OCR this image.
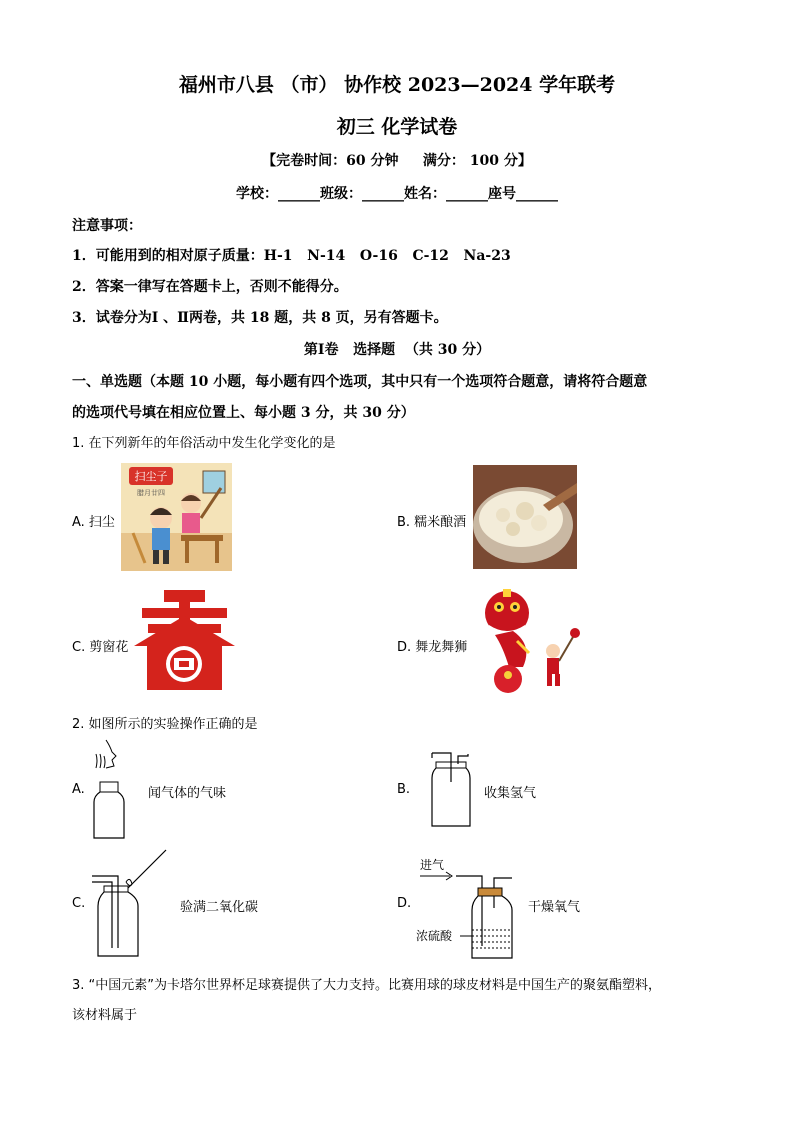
福州市八县 （市） 协作校 2023—2024 学年联考
初三 化学试卷
【完卷时间：60 分钟     满分： 100 分】
学校：______班级：______姓名：______座号______
注意事项：
1．可能用到的相对原子质量：H-1   N-14   O-16   C-12   Na-23
2．答案一律写在答题卡上，否则不能得分。
3．试卷分为Ⅰ 、Ⅱ两卷，共 18 题，共 8 页，另有答题卡。
第Ⅰ卷   选择题  （共 30 分）
一、单选题（本题 10 小题，每小题有四个选项，其中只有一个选项符合题意，请将符合题意
的选项代号填在相应位置上、每小题 3 分，共 30 分）
1. 在下列新年的年俗活动中发生化学变化的是
A. 扫尘
扫尘子
腊月廿四
B. 糯米酿酒
C. 剪窗花	D. 舞龙舞狮
2. 如图所示的实验操作正确的是
A.	闻气体的气味	B.	收集氢气
C.	验满二氧化碳	D.
进气
浓硫酸
干燥氧气
3. “中国元素”为卡塔尔世界杯足球赛提供了大力支持。比赛用球的球皮材料是中国生产的聚氨酯塑料，
该材料属于
